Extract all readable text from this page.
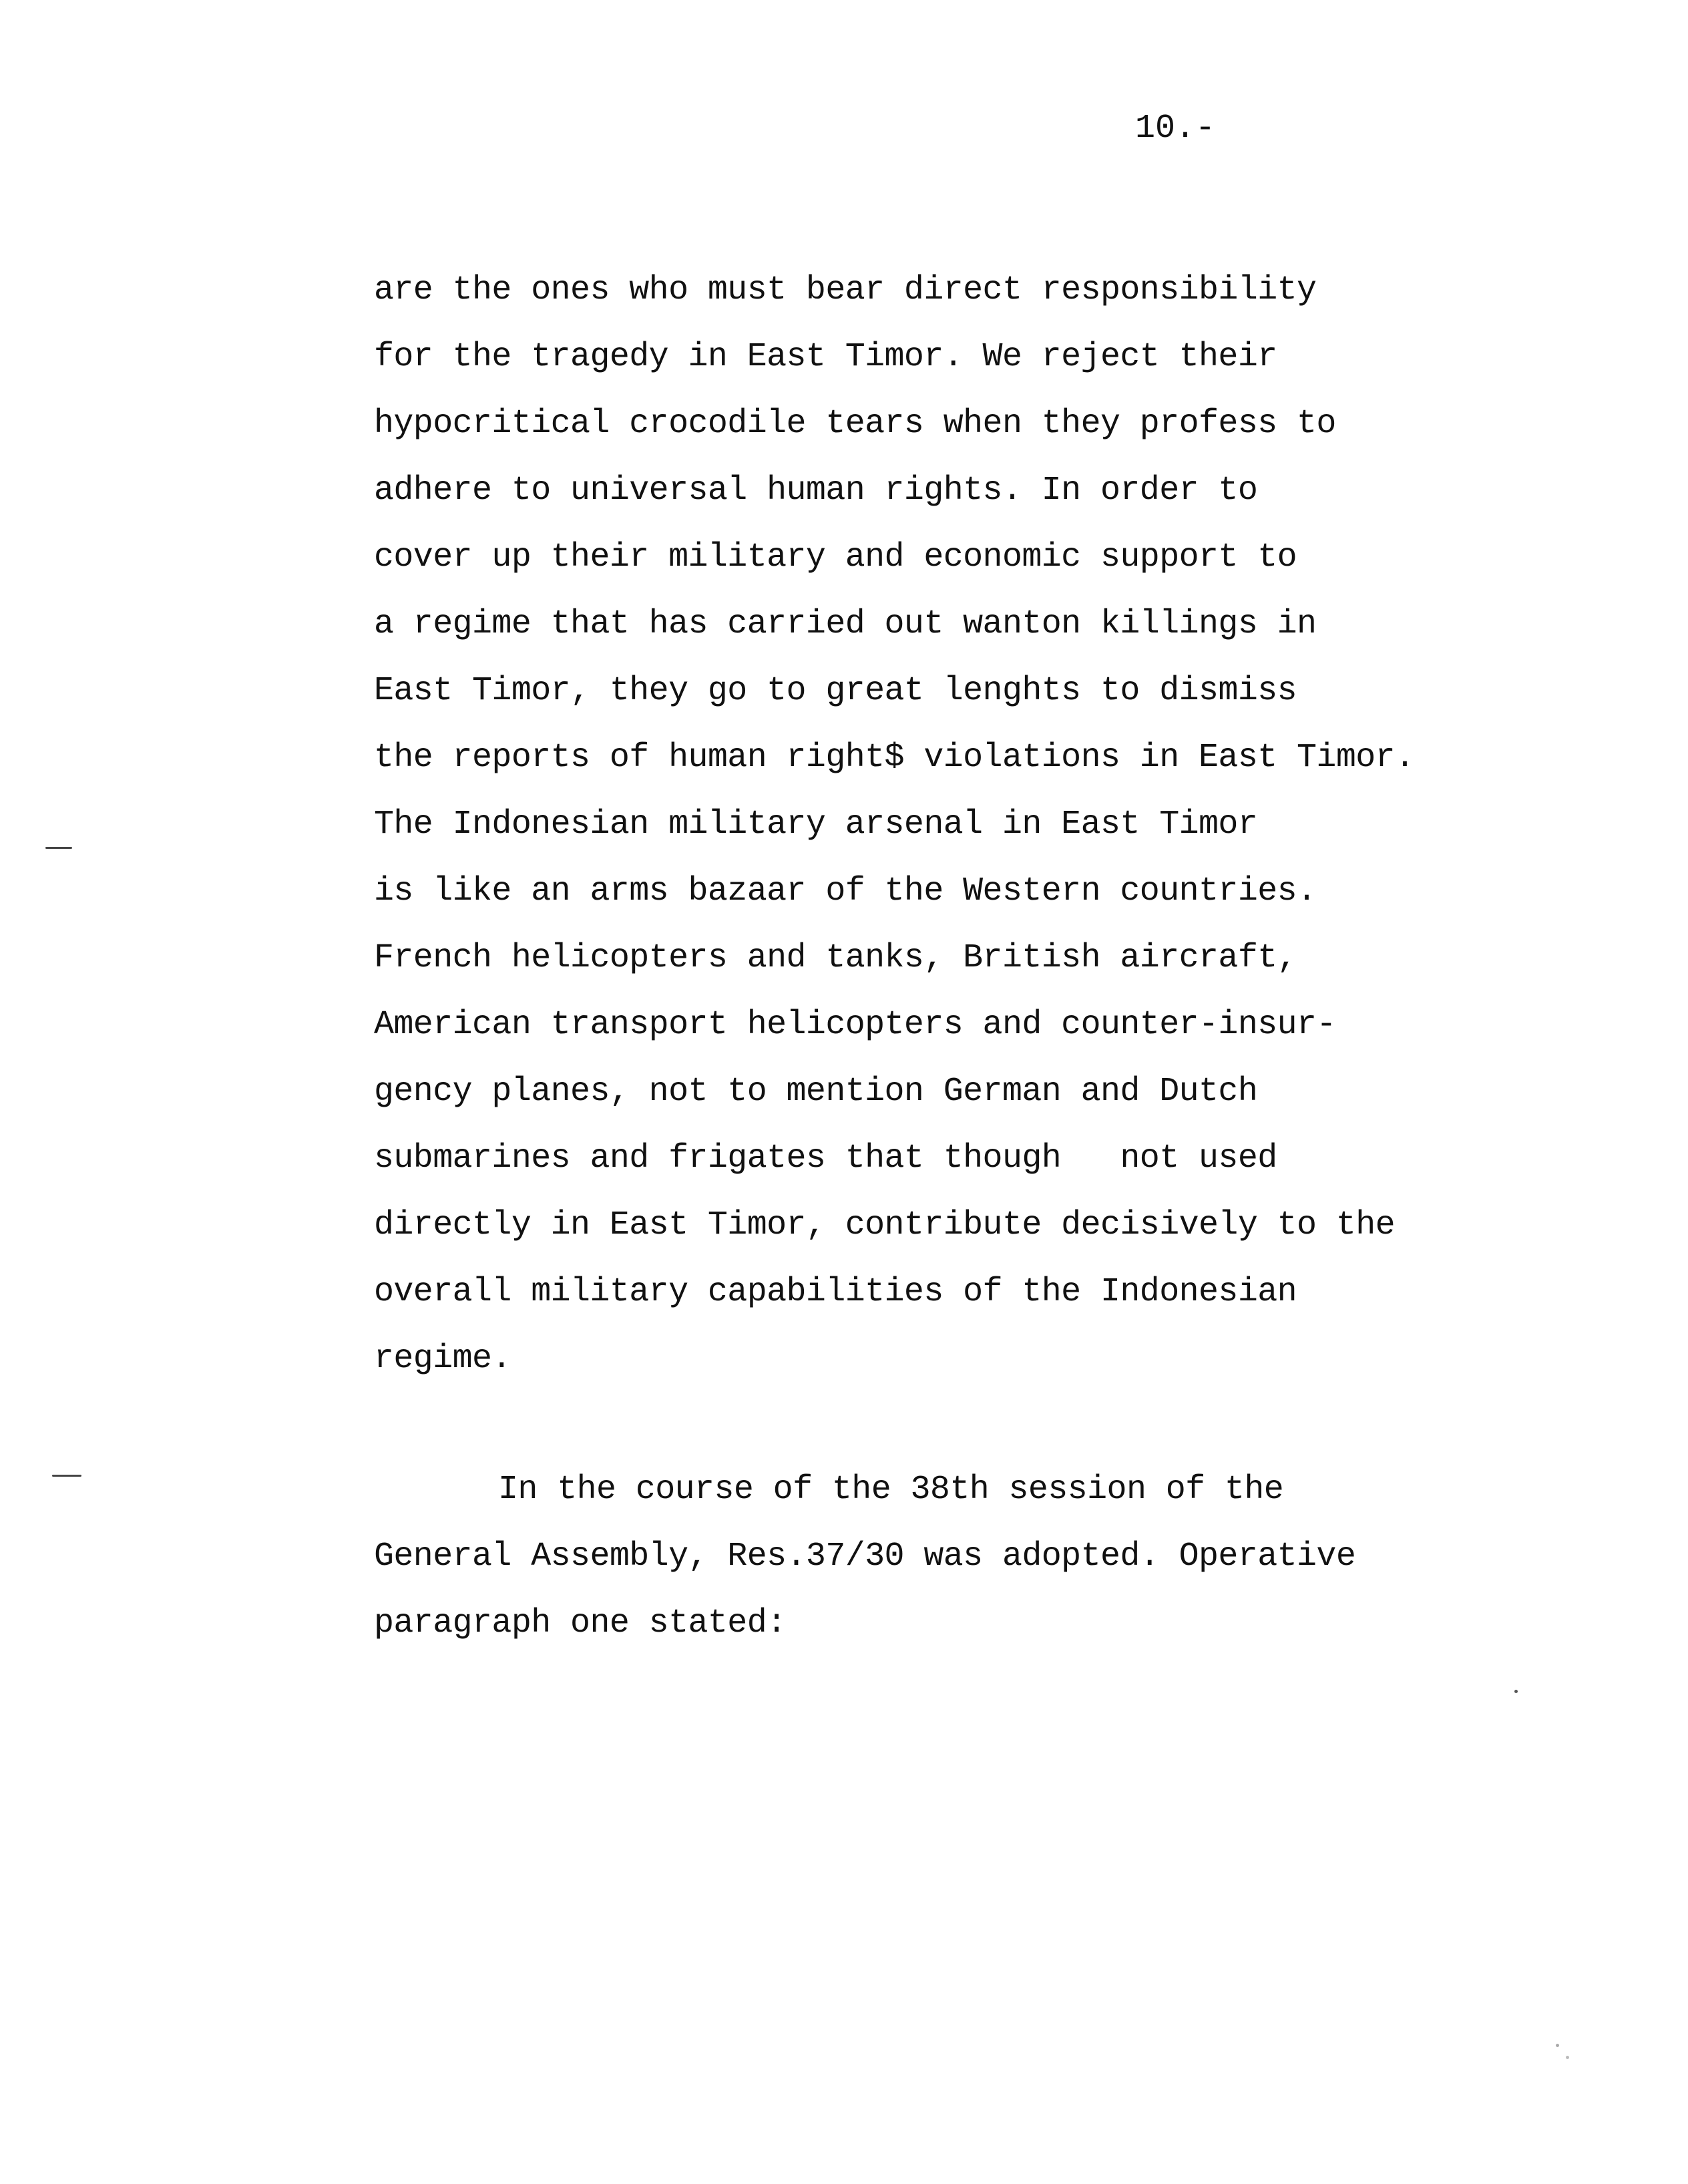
10.-
are the ones who must bear direct responsibility
for the tragedy in East Timor. We reject their
hypocritical crocodile tears when they profess to
adhere to universal human rights. In order to
cover up their military and economic support to
a regime that has carried out wanton killings in
East Timor, they go to great lenghts to dismiss
the reports of human right$ violations in East Timor.
The Indonesian military arsenal in East Timor
is like an arms bazaar of the Western countries.
French helicopters and tanks, British aircraft,
American transport helicopters and counter-insur-
gency planes, not to mention German and Dutch
submarines and frigates that though   not used
directly in East Timor, contribute decisively to the
overall military capabilities of the Indonesian
regime.
In the course of the 38th session of the
General Assembly, Res.37/30 was adopted. Operative
paragraph one stated:
